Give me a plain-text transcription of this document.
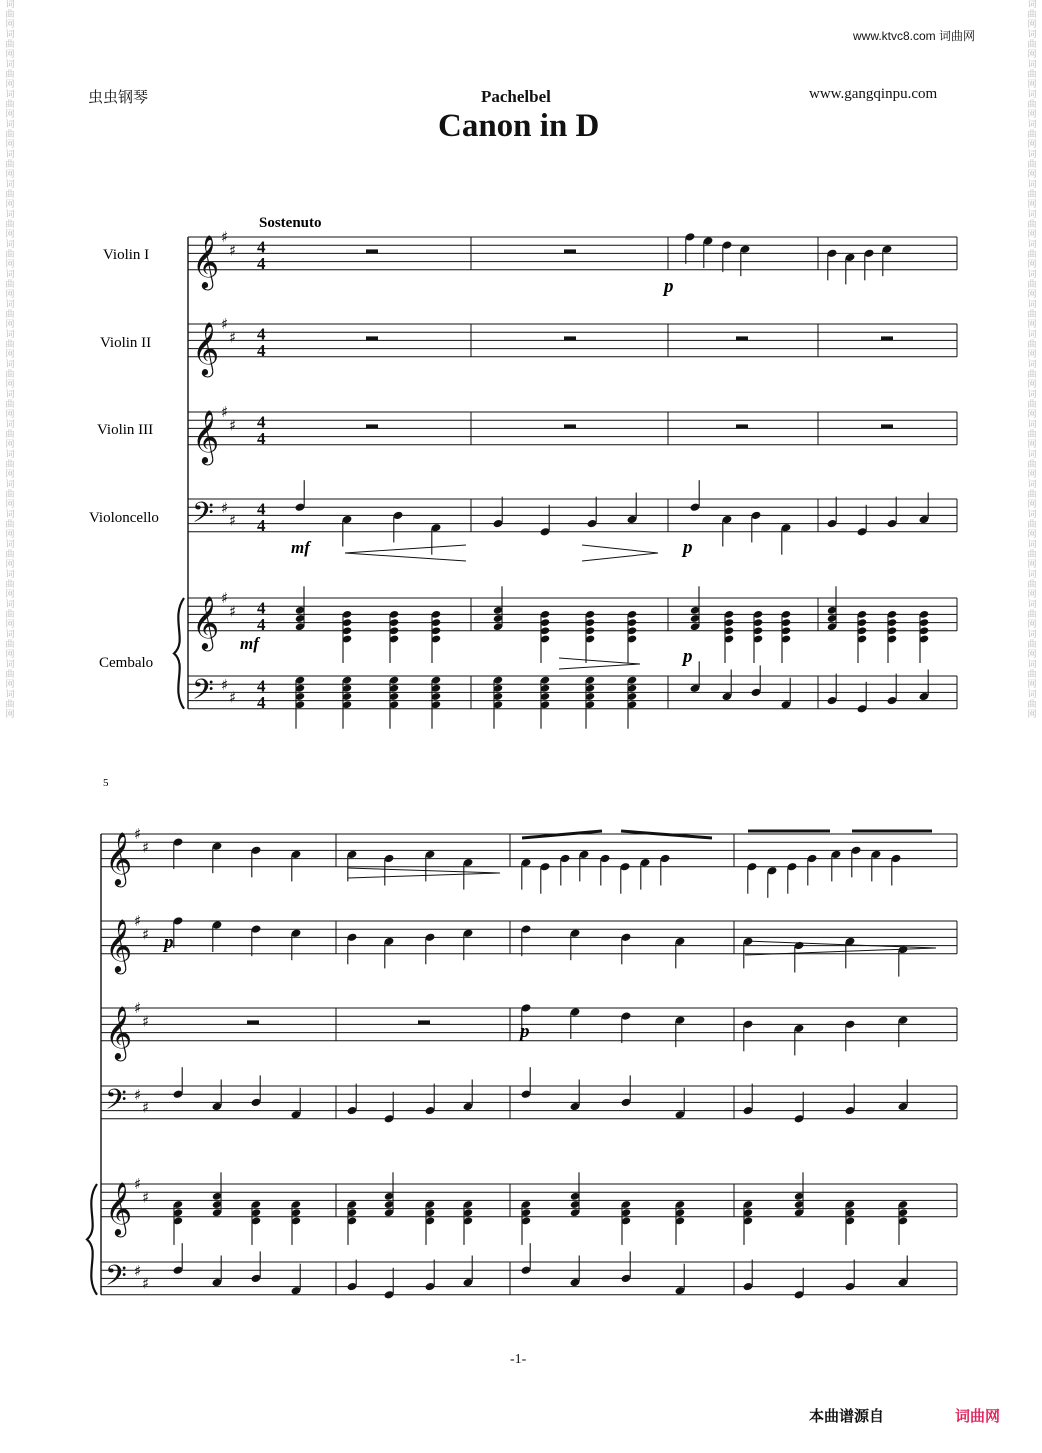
词曲网 词曲网 词曲网 词曲网 词曲网 词曲网 词曲网 词曲网 词曲网 词曲网 词曲网 词曲网 词曲网 词曲网 词曲网 词曲网 词曲网 词曲网 词曲网 词曲网 词曲网 词曲网 词曲网 词曲网
词曲网 词曲网 词曲网 词曲网 词曲网 词曲网 词曲网 词曲网 词曲网 词曲网 词曲网 词曲网 词曲网 词曲网 词曲网 词曲网 词曲网 词曲网 词曲网 词曲网 词曲网 词曲网 词曲网 词曲网
www.ktvc8.com 词曲网
虫虫钢琴	Pachelbel	www.gangqinpu.com
Canon in D
𝄞 ♯
♯ 4
4
𝄞 ♯
♯ 4
4
𝄞 ♯
♯ 4
4
𝄢 ♯
♯
4
4
𝄞 ♯
♯ 4
4
𝄢 ♯
♯
4
4
𝄞 ♯
♯
𝄞 ♯
♯
𝄞 ♯
♯
𝄢 ♯
♯
𝄞 ♯
♯
𝄢 ♯
♯
Sostenuto
Violin I
Violin II
Violin III
Violoncello
Cembalo
5
p
mf	p
mf
p
p
p
-1-
本曲谱源自	词曲网
